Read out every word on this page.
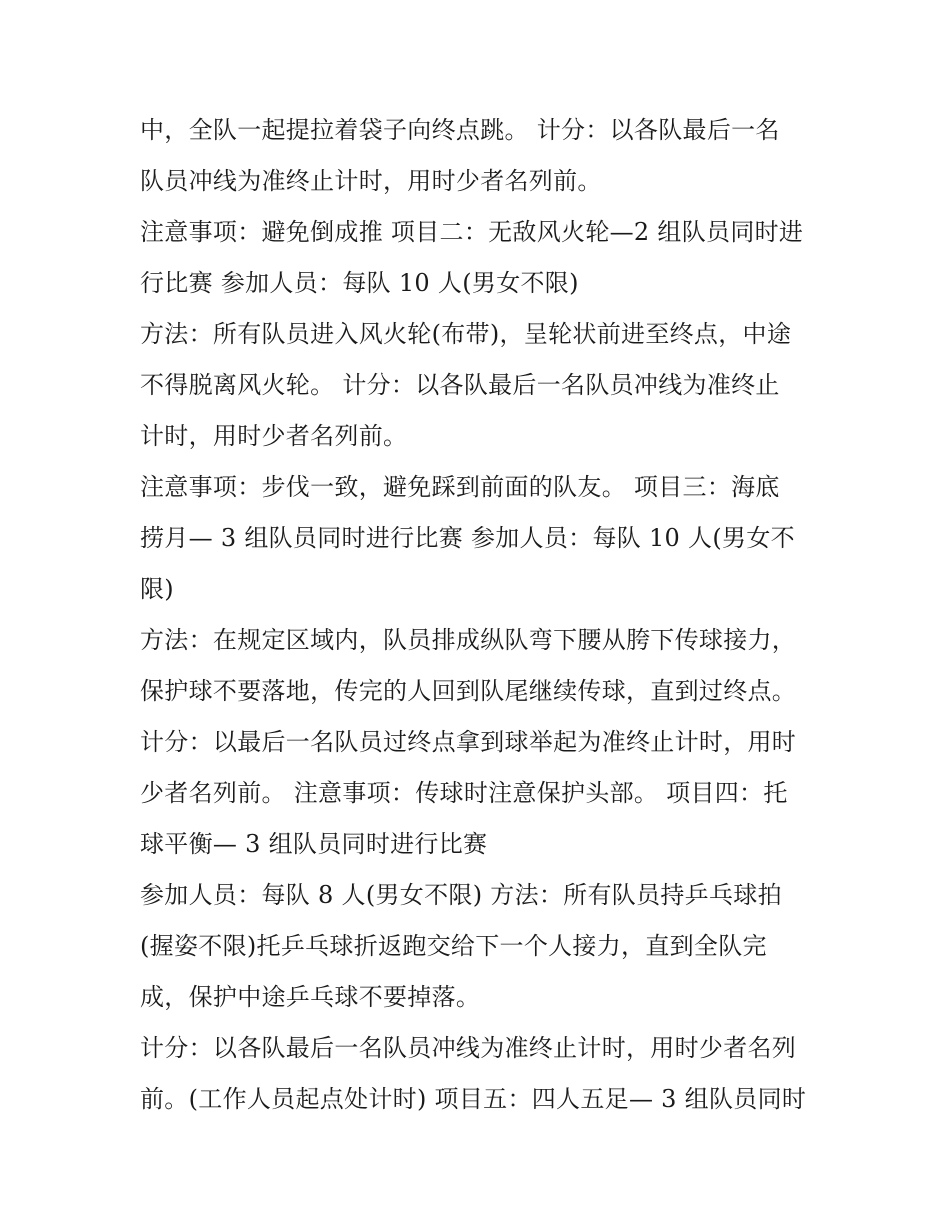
中，全队一起提拉着袋子向终点跳。 计分：以各队最后一名
队员冲线为准终止计时，用时少者名列前。
注意事项：避免倒成推 项目二：无敌风火轮—2 组队员同时进
行比赛 参加人员：每队 10 人(男女不限)
方法：所有队员进入风火轮(布带)，呈轮状前进至终点，中途
不得脱离风火轮。 计分：以各队最后一名队员冲线为准终止
计时，用时少者名列前。
注意事项：步伐一致，避免踩到前面的队友。 项目三：海底
捞月— 3 组队员同时进行比赛 参加人员：每队 10 人(男女不
限)
方法：在规定区域内，队员排成纵队弯下腰从胯下传球接力，
保护球不要落地，传完的人回到队尾继续传球，直到过终点。
计分：以最后一名队员过终点拿到球举起为准终止计时，用时
少者名列前。 注意事项：传球时注意保护头部。 项目四：托
球平衡— 3 组队员同时进行比赛
参加人员：每队 8 人(男女不限) 方法：所有队员持乒乓球拍
(握姿不限)托乒乓球折返跑交给下一个人接力，直到全队完
成，保护中途乒乓球不要掉落。
计分：以各队最后一名队员冲线为准终止计时，用时少者名列
前。(工作人员起点处计时) 项目五：四人五足— 3 组队员同时
